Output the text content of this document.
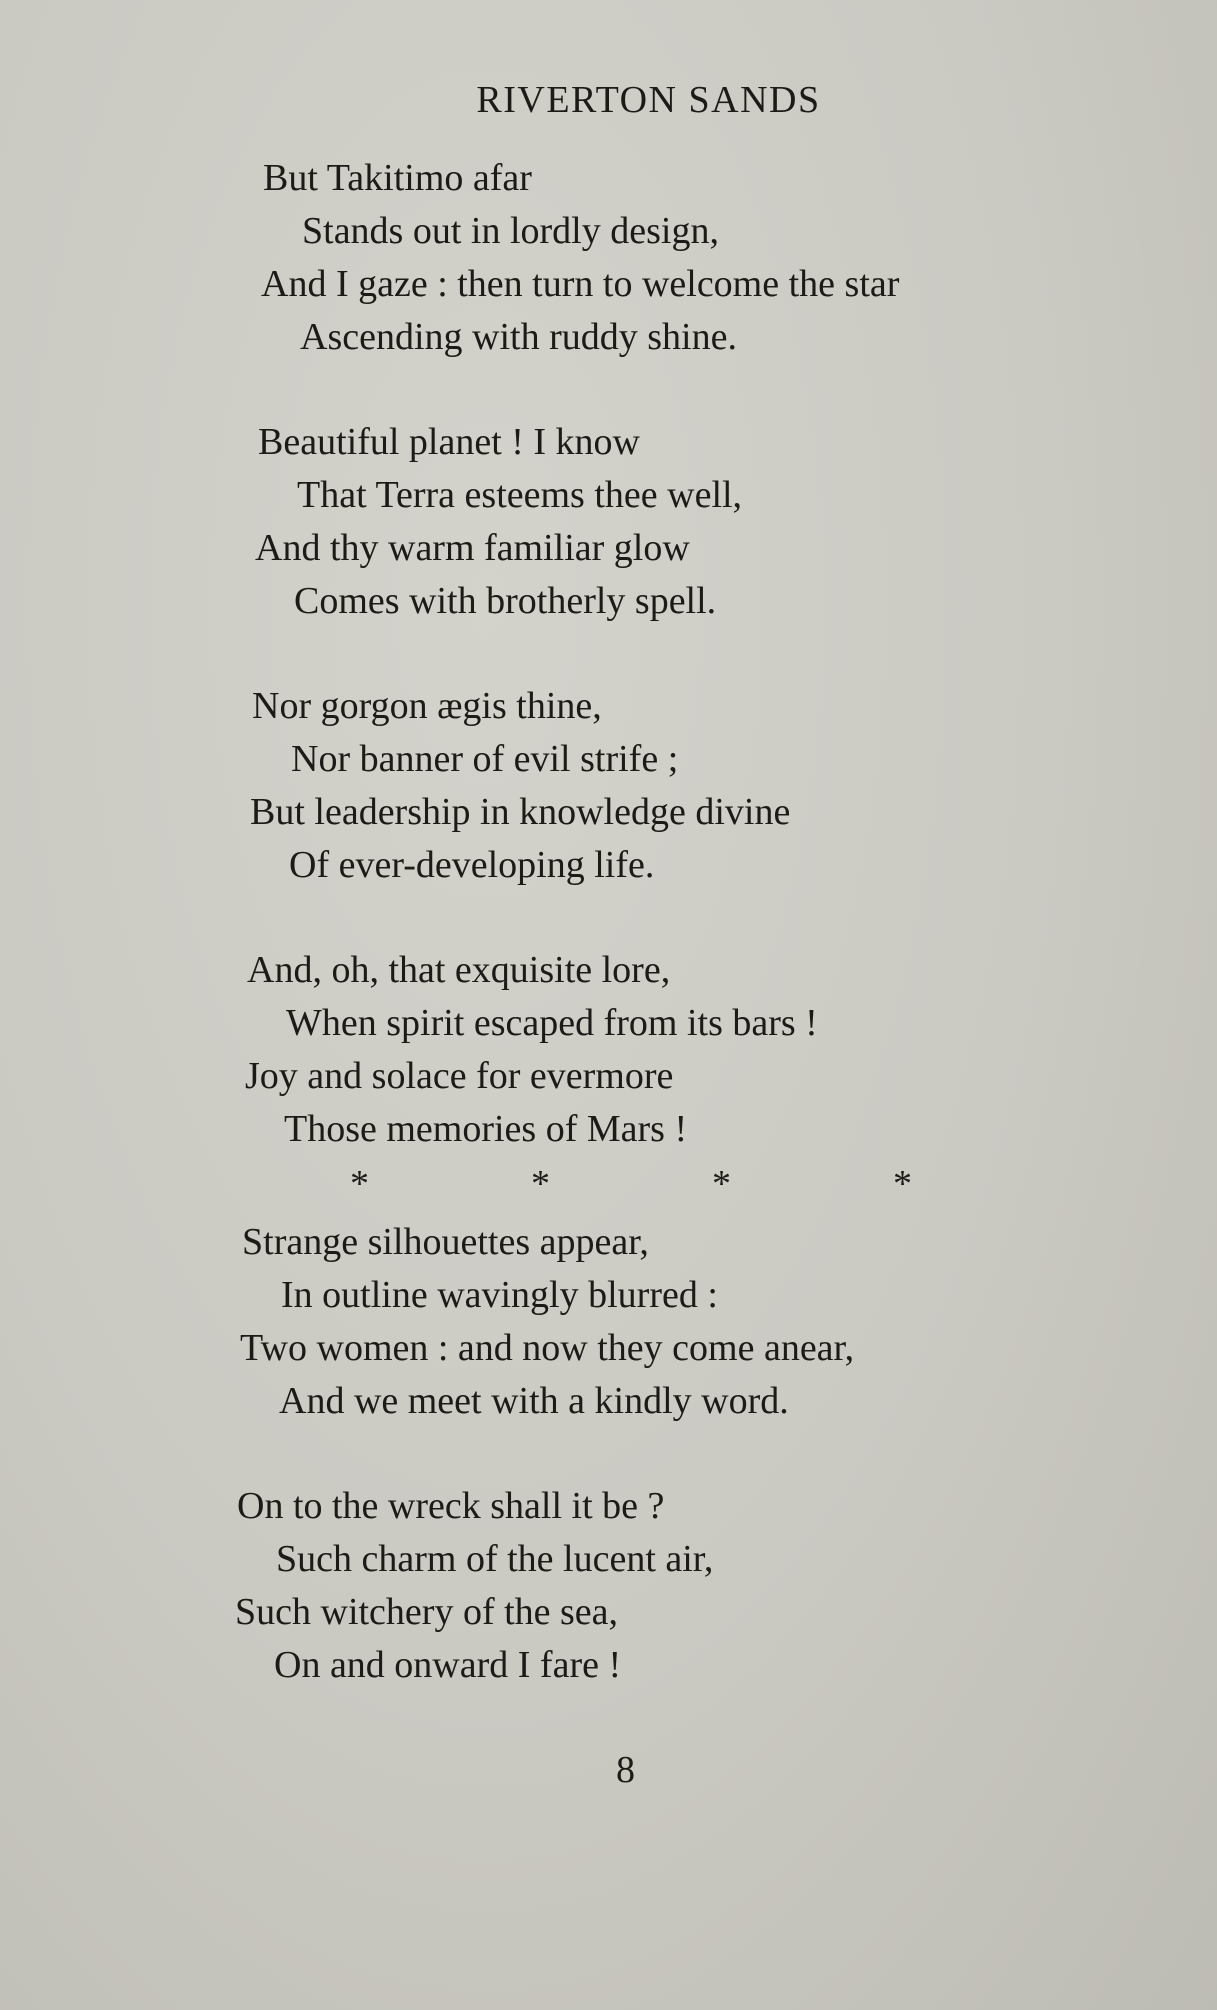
RIVERTON SANDS
But Takitimo afar
Stands out in lordly design,
And I gaze : then turn to welcome the star
Ascending with ruddy shine.
Beautiful planet ! I know
That Terra esteems thee well,
And thy warm familiar glow
Comes with brotherly spell.
Nor gorgon ægis thine,
Nor banner of evil strife ;
But leadership in knowledge divine
Of ever-developing life.
And, oh, that exquisite lore,
When spirit escaped from its bars !
Joy and solace for evermore
Those memories of Mars !
*	*	*	*
Strange silhouettes appear,
In outline wavingly blurred :
Two women : and now they come anear,
And we meet with a kindly word.
On to the wreck shall it be ?
Such charm of the lucent air,
Such witchery of the sea,
On and onward I fare !
8
